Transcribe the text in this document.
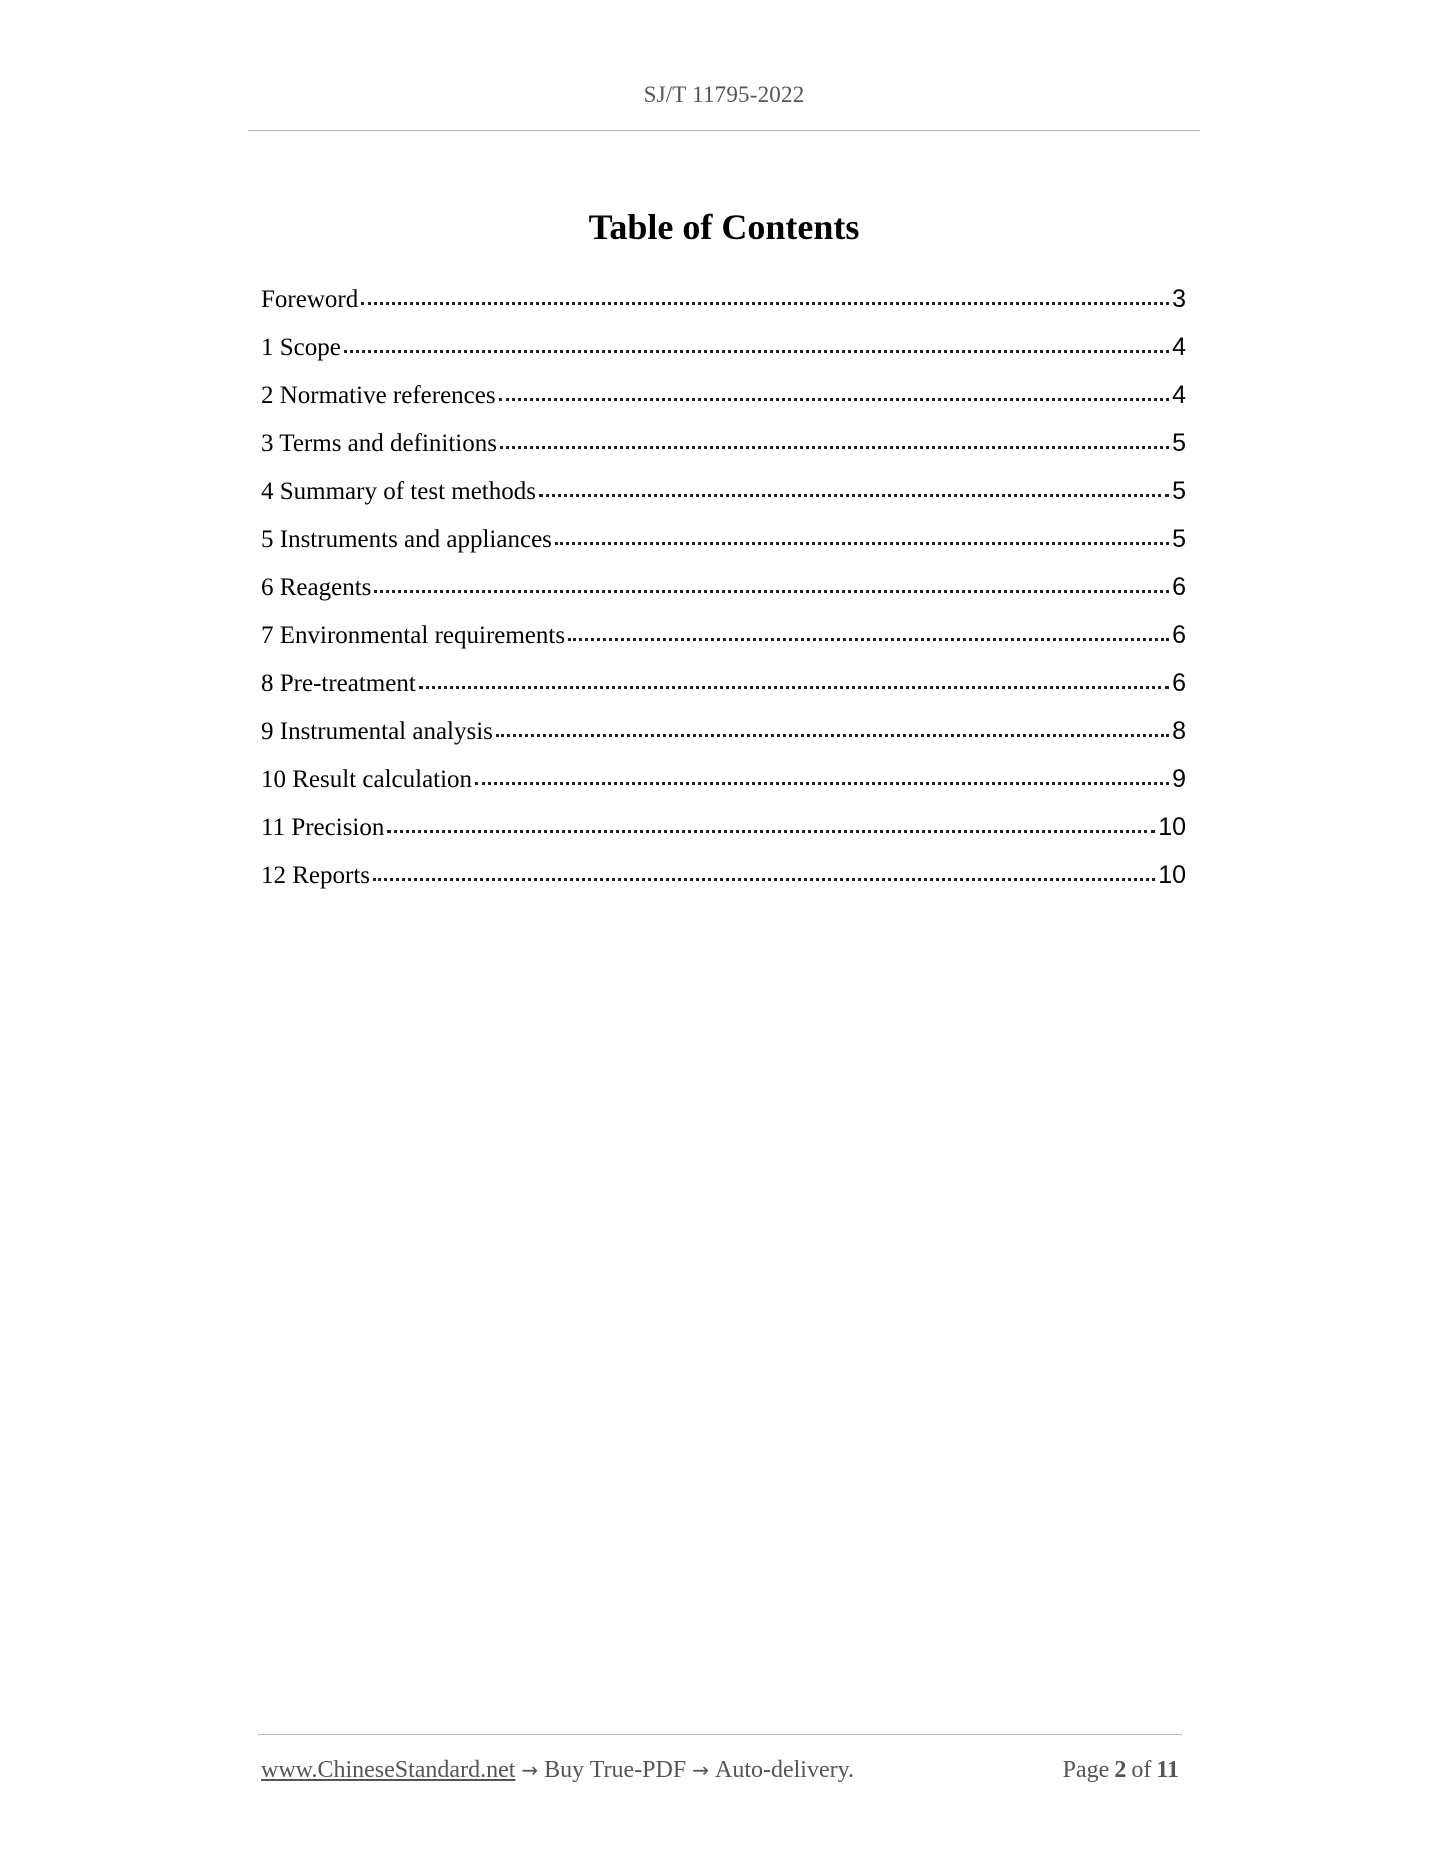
SJ/T 11795-2022
Table of Contents
Foreword	3
1 Scope	4
2 Normative references	4
3 Terms and definitions	5
4 Summary of test methods	5
5 Instruments and appliances	5
6 Reagents	6
7 Environmental requirements	6
8 Pre-treatment	6
9 Instrumental analysis	8
10 Result calculation	9
11 Precision	10
12 Reports	10
www.ChineseStandard.net → Buy True-PDF → Auto-delivery.	Page 2 of 11
